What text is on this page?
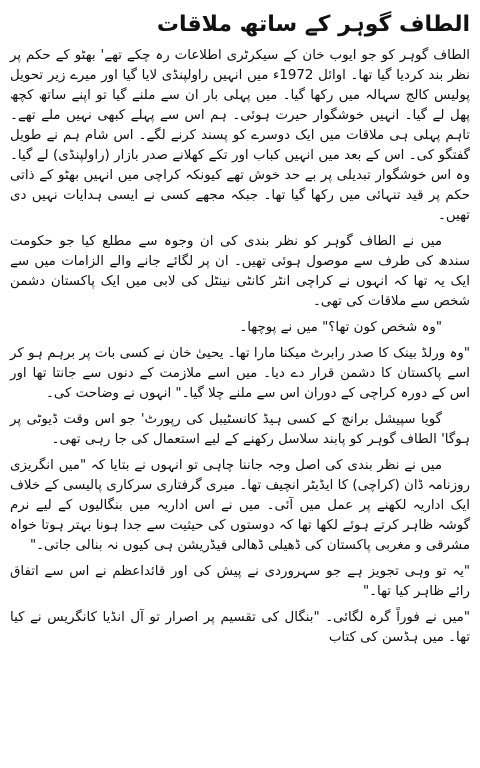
الطاف گوہر کے ساتھ ملاقات

الطاف گوہر کو جو ایوب خان کے سیکرٹری اطلاعات رہ چکے تھے' بھٹو کے حکم پر نظر بند کردیا گیا تھا۔ اوائل 1972ء میں انہیں راولپنڈی لایا گیا اور میرے زیر تحویل پولیس کالج سہالہ میں رکھا گیا۔ میں پہلی بار ان سے ملنے گیا تو اپنے ساتھ کچھ پھل لے گیا۔ انہیں خوشگوار حیرت ہوئی۔ ہم اس سے پہلے کبھی نہیں ملے تھے۔ تاہم پہلی ہی ملاقات میں ایک دوسرے کو پسند کرنے لگے۔ اس شام ہم نے طویل گفتگو کی۔ اس کے بعد میں انہیں کباب اور تکے کھلانے صدر بازار (راولپنڈی) لے گیا۔ وہ اس خوشگوار تبدیلی پر بے حد خوش تھے کیونکہ کراچی میں انہیں بھٹو کے ذاتی حکم پر قید تنہائی میں رکھا گیا تھا۔ جبکہ مجھے کسی نے ایسی ہدایات نہیں دی تھیں۔

میں نے الطاف گوہر کو نظر بندی کی ان وجوہ سے مطلع کیا جو حکومت سندھ کی طرف سے موصول ہوئی تھیں۔ ان پر لگائے جانے والے الزامات میں سے ایک یہ تھا کہ انہوں نے کراچی انٹر کانٹی نینٹل کی لابی میں ایک پاکستان دشمن شخص سے ملاقات کی تھی۔

"وہ شخص کون تھا؟" میں نے پوچھا۔

"وہ ورلڈ بینک کا صدر رابرٹ میکنا مارا تھا۔ یحییٰ خان نے کسی بات پر برہم ہو کر اسے پاکستان کا دشمن قرار دے دیا۔ میں اسے ملازمت کے دنوں سے جانتا تھا اور اس کے دورہ کراچی کے دوران اس سے ملنے چلا گیا۔" انہوں نے وضاحت کی۔

گویا سپیشل برانچ کے کسی ہیڈ کانسٹیبل کی رپورٹ' جو اس وقت ڈیوٹی پر ہوگا' الطاف گوہر کو پابند سلاسل رکھنے کے لیے استعمال کی جا رہی تھی۔

میں نے نظر بندی کی اصل وجہ جاننا چاہی تو انہوں نے بتایا کہ "میں انگریزی روزنامہ ڈان (کراچی) کا ایڈیٹر انچیف تھا۔ میری گرفتاری سرکاری پالیسی کے خلاف ایک اداریہ لکھنے پر عمل میں آئی۔ میں نے اس اداریہ میں بنگالیوں کے لیے نرم گوشہ ظاہر کرتے ہوئے لکھا تھا کہ دوستوں کی حیثیت سے جدا ہونا بہتر ہوتا خواہ مشرقی و مغربی پاکستان کی ڈھیلی ڈھالی فیڈریشن ہی کیوں نہ بنالی جاتی۔"

"یہ تو وہی تجویز ہے جو سہروردی نے پیش کی اور قائداعظم نے اس سے اتفاق رائے ظاہر کیا تھا۔"

"میں نے فوراً گرہ لگائی۔ "بنگال کی تقسیم پر اصرار تو آل انڈیا کانگریس نے کیا تھا۔ میں ہڈسن کی کتاب
